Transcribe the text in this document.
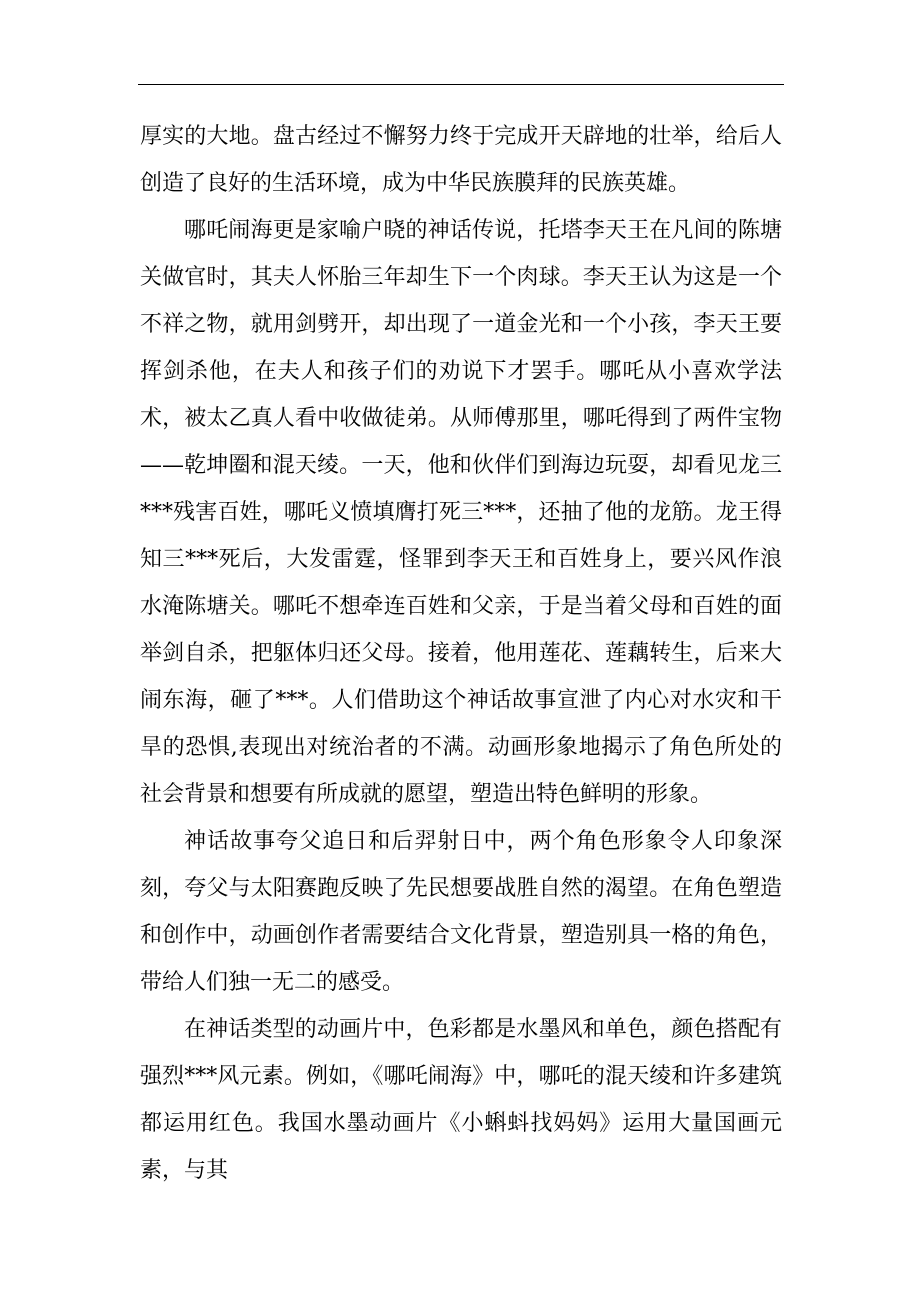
厚实的大地。盘古经过不懈努力终于完成开天辟地的壮举，给后人创造了良好的生活环境，成为中华民族膜拜的民族英雄。

哪吒闹海更是家喻户晓的神话传说，托塔李天王在凡间的陈塘关做官时，其夫人怀胎三年却生下一个肉球。李天王认为这是一个不祥之物，就用剑劈开，却出现了一道金光和一个小孩，李天王要挥剑杀他，在夫人和孩子们的劝说下才罢手。哪吒从小喜欢学法术，被太乙真人看中收做徒弟。从师傅那里，哪吒得到了两件宝物——乾坤圈和混天绫。一天，他和伙伴们到海边玩耍，却看见龙三***残害百姓，哪吒义愤填膺打死三***，还抽了他的龙筋。龙王得知三***死后，大发雷霆，怪罪到李天王和百姓身上，要兴风作浪水淹陈塘关。哪吒不想牵连百姓和父亲，于是当着父母和百姓的面举剑自杀，把躯体归还父母。接着，他用莲花、莲藕转生，后来大闹东海，砸了***。人们借助这个神话故事宣泄了内心对水灾和干旱的恐惧,表现出对统治者的不满。动画形象地揭示了角色所处的社会背景和想要有所成就的愿望，塑造出特色鲜明的形象。

神话故事夸父追日和后羿射日中，两个角色形象令人印象深刻，夸父与太阳赛跑反映了先民想要战胜自然的渴望。在角色塑造和创作中，动画创作者需要结合文化背景，塑造别具一格的角色，带给人们独一无二的感受。

在神话类型的动画片中，色彩都是水墨风和单色，颜色搭配有强烈***风元素。例如，《哪吒闹海》中，哪吒的混天绫和许多建筑都运用红色。我国水墨动画片《小蝌蚪找妈妈》运用大量国画元素，与其
